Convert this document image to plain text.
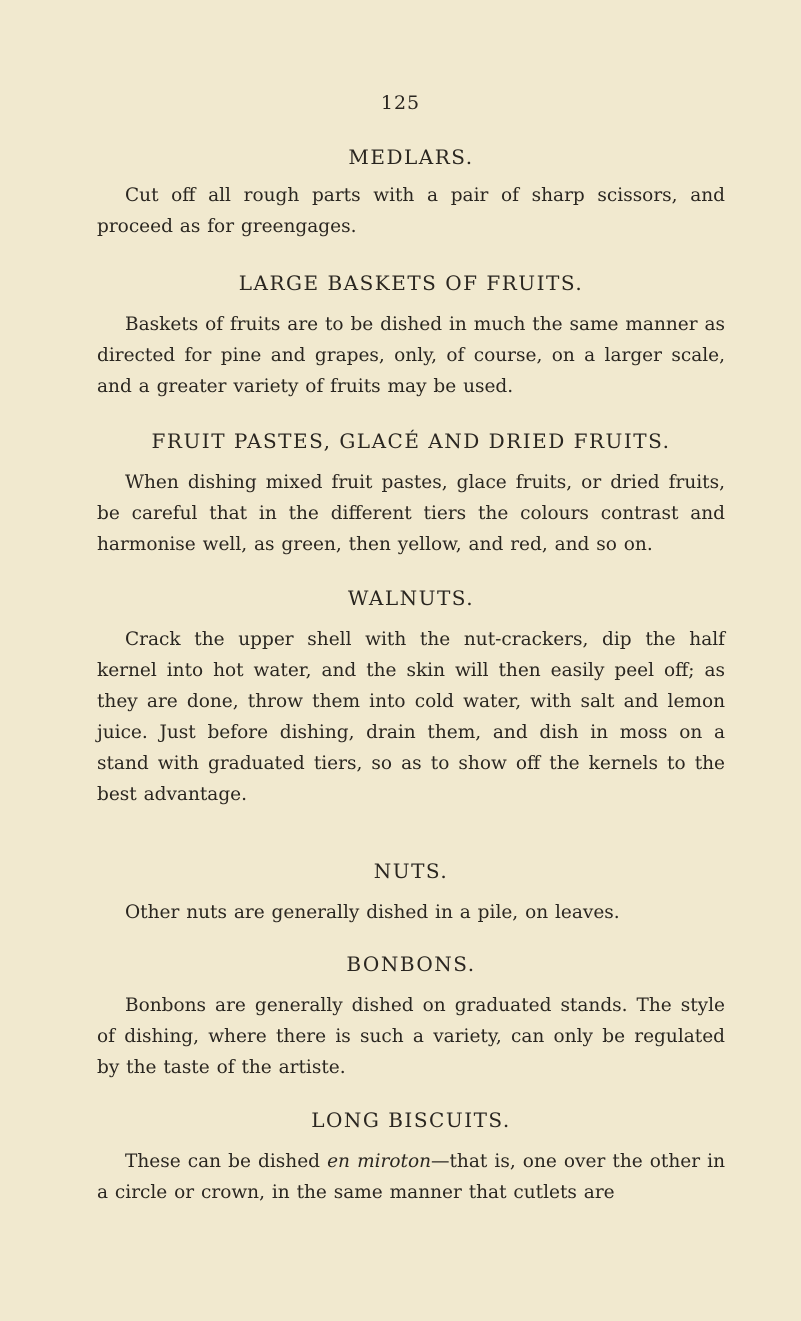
125
MEDLARS.

Cut off all rough parts with a pair of sharp scissors, and proceed as for greengages.

LARGE BASKETS OF FRUITS.

Baskets of fruits are to be dished in much the same manner as directed for pine and grapes, only, of course, on a larger scale, and a greater variety of fruits may be used.

FRUIT PASTES, GLACÉ AND DRIED FRUITS.

When dishing mixed fruit pastes, glace fruits, or dried fruits, be careful that in the different tiers the colours contrast and harmonise well, as green, then yellow, and red, and so on.

WALNUTS.

Crack the upper shell with the nut-crackers, dip the half kernel into hot water, and the skin will then easily peel off; as they are done, throw them into cold water, with salt and lemon juice. Just before dishing, drain them, and dish in moss on a stand with graduated tiers, so as to show off the kernels to the best advantage.

NUTS.

Other nuts are generally dished in a pile, on leaves.

BONBONS.

Bonbons are generally dished on graduated stands. The style of dishing, where there is such a variety, can only be regulated by the taste of the artiste.

LONG BISCUITS.

These can be dished en miroton—that is, one over the other in a circle or crown, in the same manner that cutlets are
